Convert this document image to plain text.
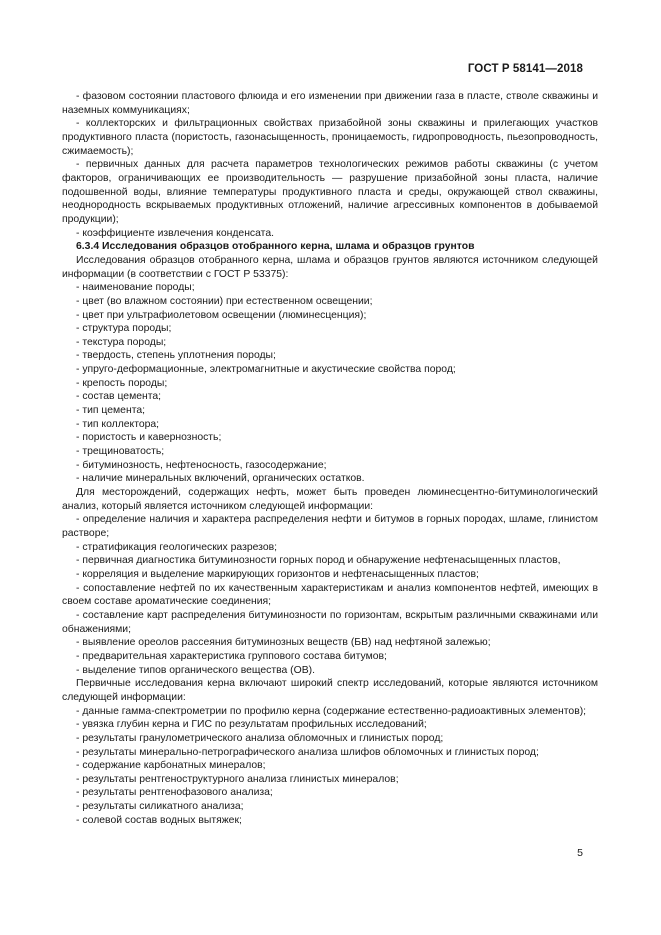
ГОСТ Р 58141—2018

- фазовом состоянии пластового флюида и его изменении при движении газа в пласте, стволе скважины и наземных коммуникациях;

- коллекторских и фильтрационных свойствах призабойной зоны скважины и прилегающих участков продуктивного пласта (пористость, газонасыщенность, проницаемость, гидропроводность, пьезопроводность, сжимаемость);

- первичных данных для расчета параметров технологических режимов работы скважины (с учетом факторов, ограничивающих ее производительность — разрушение призабойной зоны пласта, наличие подошвенной воды, влияние температуры продуктивного пласта и среды, окружающей ствол скважины, неоднородность вскрываемых продуктивных отложений, наличие агрессивных компонентов в добываемой продукции);

- коэффициенте извлечения конденсата.

6.3.4 Исследования образцов отобранного керна, шлама и образцов грунтов

Исследования образцов отобранного керна, шлама и образцов грунтов являются источником следующей информации (в соответствии с ГОСТ Р 53375):

- наименование породы;

- цвет (во влажном состоянии) при естественном освещении;

- цвет при ультрафиолетовом освещении (люминесценция);

- структура породы;

- текстура породы;

- твердость, степень уплотнения породы;

- упруго-деформационные, электромагнитные и акустические свойства пород;

- крепость породы;

- состав цемента;

- тип цемента;

- тип коллектора;

- пористость и кавернозность;

- трещиноватость;

- битуминозность, нефтеносность, газосодержание;

- наличие минеральных включений, органических остатков.

Для месторождений, содержащих нефть, может быть проведен люминесцентно-битуминологический анализ, который является источником следующей информации:

- определение наличия и характера распределения нефти и битумов в горных породах, шламе, глинистом растворе;

- стратификация геологических разрезов;

- первичная диагностика битуминозности горных пород и обнаружение нефтенасыщенных пластов,

- корреляция и выделение маркирующих горизонтов и нефтенасыщенных пластов;

- сопоставление нефтей по их качественным характеристикам и анализ компонентов нефтей, имеющих в своем составе ароматические соединения;

- составление карт распределения битуминозности по горизонтам, вскрытым различными скважинами или обнажениями;

- выявление ореолов рассеяния битуминозных веществ (БВ) над нефтяной залежью;

- предварительная характеристика группового состава битумов;

- выделение типов органического вещества (ОВ).

Первичные исследования керна включают широкий спектр исследований, которые являются источником следующей информации:

- данные гамма-спектрометрии по профилю керна (содержание естественно-радиоактивных элементов);

- увязка глубин керна и ГИС по результатам профильных исследований;

- результаты гранулометрического анализа обломочных и глинистых пород;

- результаты минерально-петрографического анализа шлифов обломочных и глинистых пород;

- содержание карбонатных минералов;

- результаты рентгеноструктурного анализа глинистых минералов;

- результаты рентгенофазового анализа;

- результаты силикатного анализа;

- солевой состав водных вытяжек;

5
